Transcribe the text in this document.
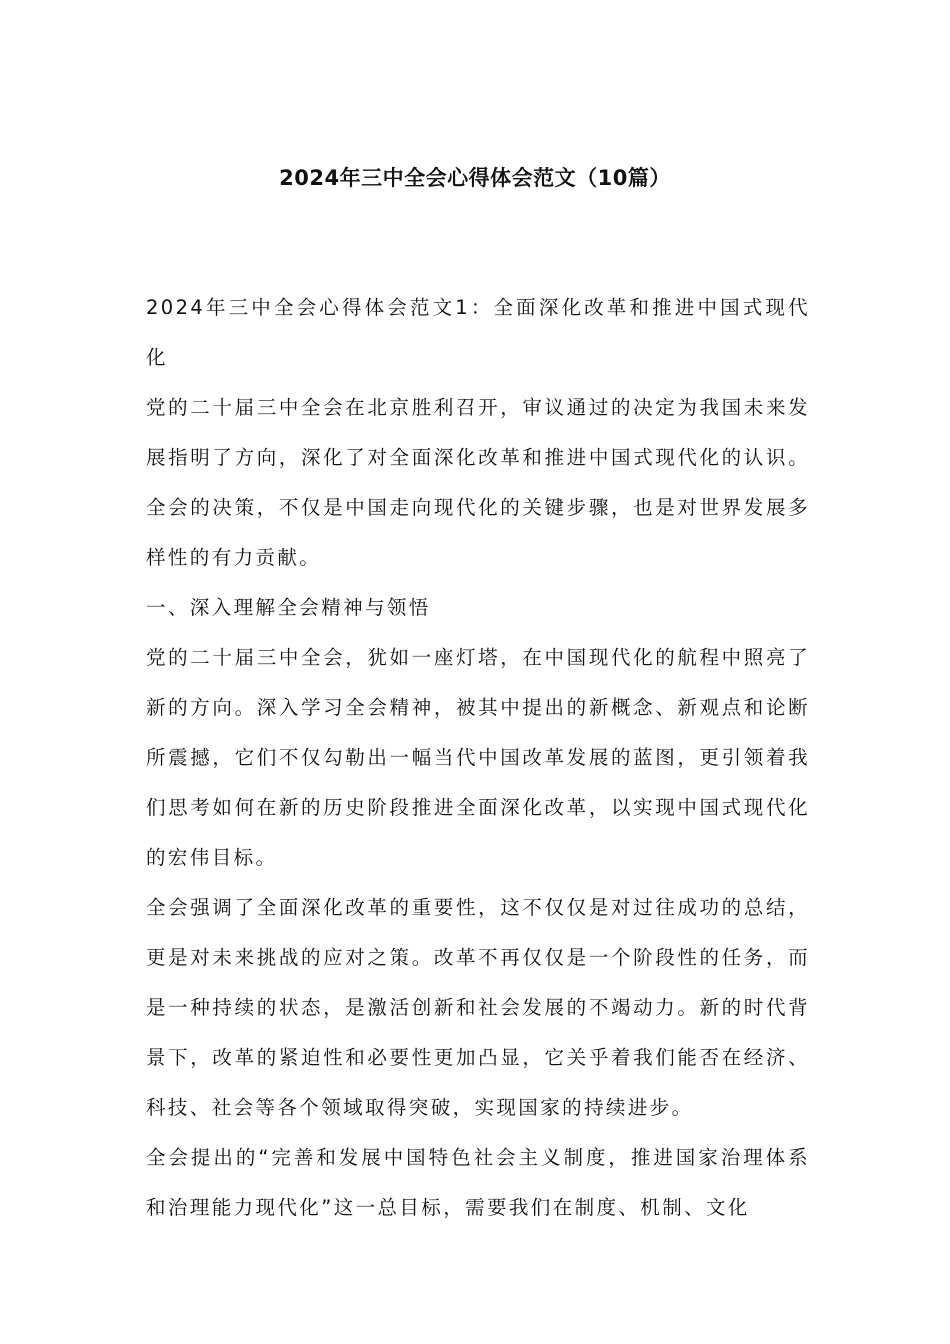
2024年三中全会心得体会范文（10篇）

2024年三中全会心得体会范文1：全面深化改革和推进中国式现代化

党的二十届三中全会在北京胜利召开，审议通过的决定为我国未来发展指明了方向，深化了对全面深化改革和推进中国式现代化的认识。全会的决策，不仅是中国走向现代化的关键步骤，也是对世界发展多样性的有力贡献。

一、深入理解全会精神与领悟

党的二十届三中全会，犹如一座灯塔，在中国现代化的航程中照亮了新的方向。深入学习全会精神，被其中提出的新概念、新观点和论断所震撼，它们不仅勾勒出一幅当代中国改革发展的蓝图，更引领着我们思考如何在新的历史阶段推进全面深化改革，以实现中国式现代化的宏伟目标。

全会强调了全面深化改革的重要性，这不仅仅是对过往成功的总结，更是对未来挑战的应对之策。改革不再仅仅是一个阶段性的任务，而是一种持续的状态，是激活创新和社会发展的不竭动力。新的时代背景下，改革的紧迫性和必要性更加凸显，它关乎着我们能否在经济、科技、社会等各个领域取得突破，实现国家的持续进步。

全会提出的“完善和发展中国特色社会主义制度，推进国家治理体系和治理能力现代化”这一总目标，需要我们在制度、机制、文化
